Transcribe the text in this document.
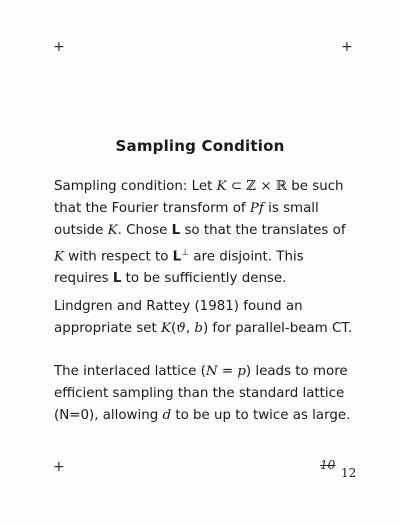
+	+
+
Sampling Condition
Sampling condition: Let K ⊂ ℤ × ℝ be such that the Fourier transform of Pf is small outside K. Chose L so that the translates of K with respect to L⊥ are disjoint. This requires L to be sufficiently dense.
Lindgren and Rattey (1981) found an appropriate set K(ϑ, b) for parallel-beam CT.
The interlaced lattice (N = p) leads to more efficient sampling than the standard lattice (N=0), allowing d to be up to twice as large.
10
12
